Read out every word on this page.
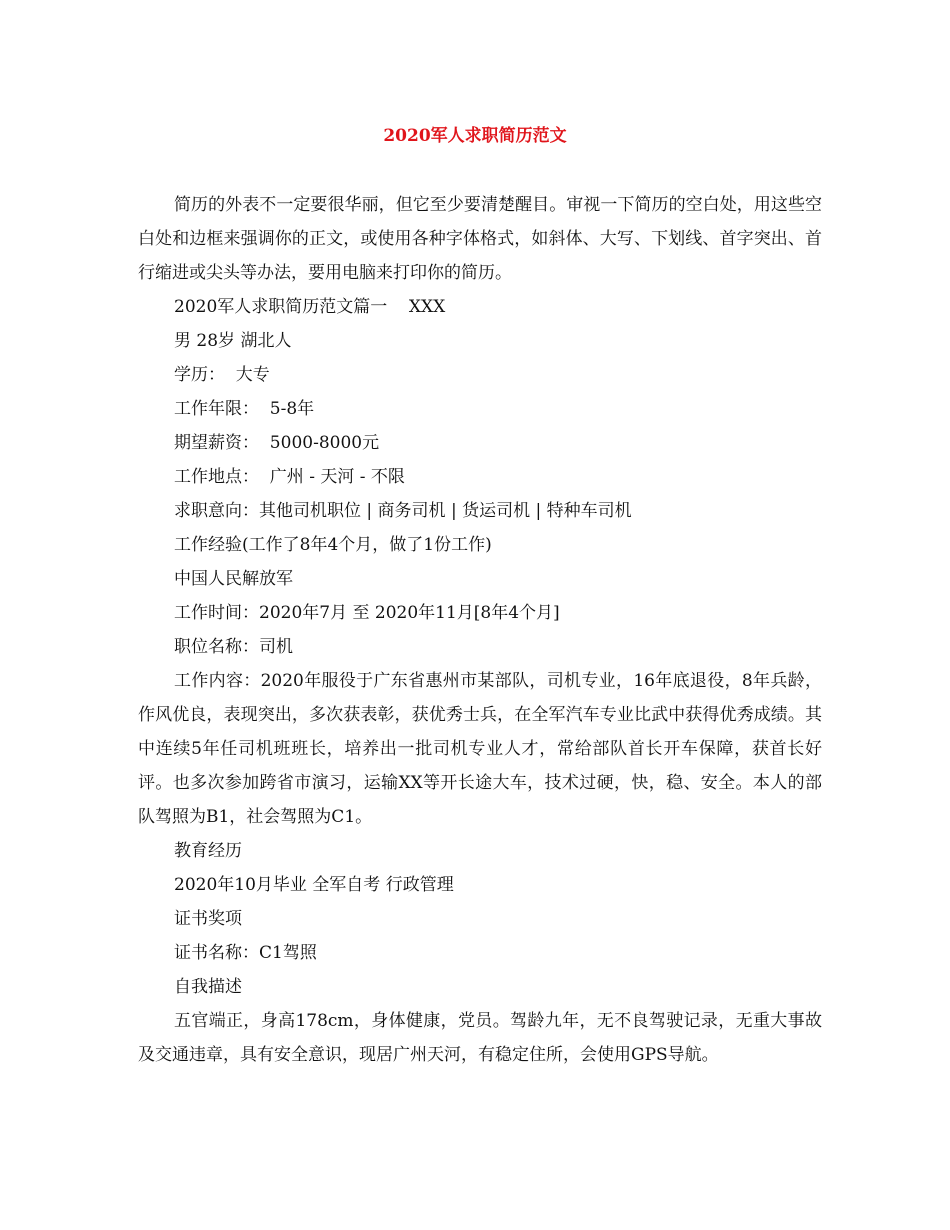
2020军人求职简历范文

简历的外表不一定要很华丽，但它至少要清楚醒目。审视一下简历的空白处，用这些空白处和边框来强调你的正文，或使用各种字体格式，如斜体、大写、下划线、首字突出、首行缩进或尖头等办法，要用电脑来打印你的简历。

2020军人求职简历范文篇一    XXX

男 28岁 湖北人

学历：  大专

工作年限：  5-8年

期望薪资：  5000-8000元

工作地点：  广州 - 天河 - 不限

求职意向：其他司机职位 | 商务司机 | 货运司机 | 特种车司机

工作经验(工作了8年4个月，做了1份工作)

中国人民解放军

工作时间：2020年7月 至 2020年11月[8年4个月]

职位名称：司机

工作内容：2020年服役于广东省惠州市某部队，司机专业，16年底退役，8年兵龄，作风优良，表现突出，多次获表彰，获优秀士兵，在全军汽车专业比武中获得优秀成绩。其中连续5年任司机班班长，培养出一批司机专业人才，常给部队首长开车保障，获首长好评。也多次参加跨省市演习，运输XX等开长途大车，技术过硬，快，稳、安全。本人的部队驾照为B1，社会驾照为C1。

教育经历

2020年10月毕业 全军自考 行政管理

证书奖项

证书名称：C1驾照

自我描述

五官端正，身高178cm，身体健康，党员。驾龄九年，无不良驾驶记录，无重大事故及交通违章，具有安全意识，现居广州天河，有稳定住所，会使用GPS导航。
